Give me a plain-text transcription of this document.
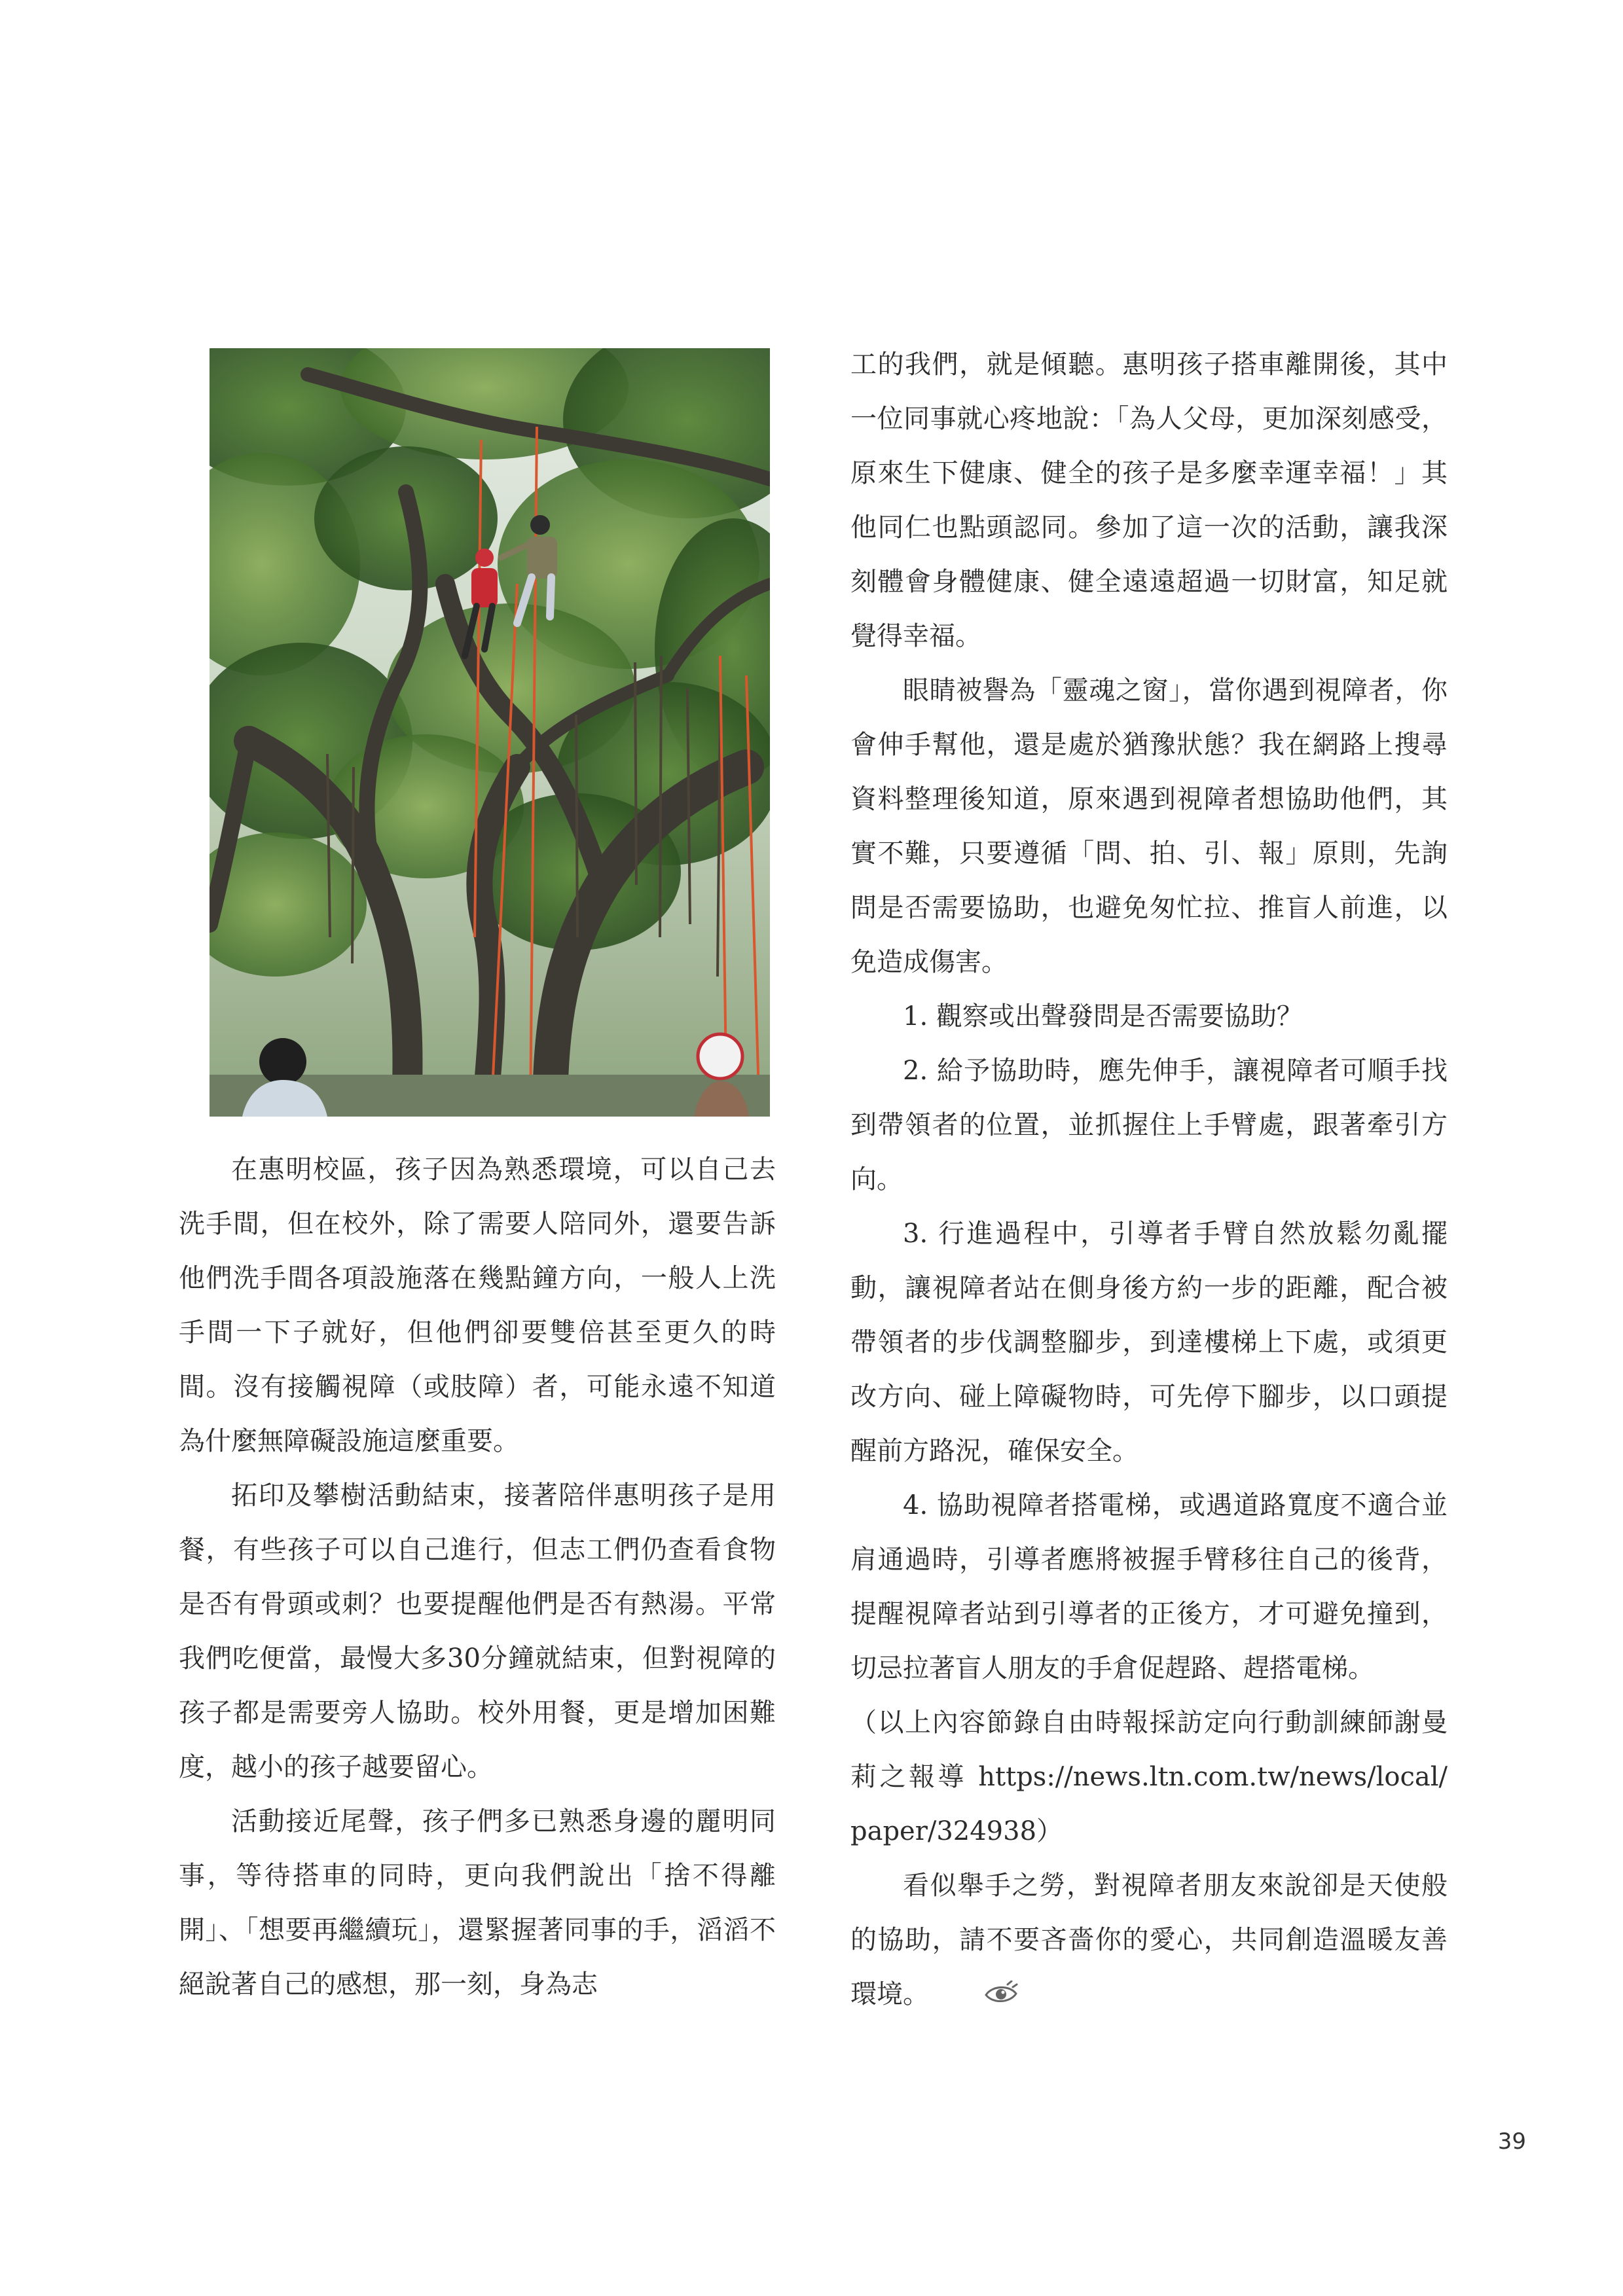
在惠明校區，孩子因為熟悉環境，可以自己去洗手間，但在校外，除了需要人陪同外，還要告訴他們洗手間各項設施落在幾點鐘方向，一般人上洗手間一下子就好，但他們卻要雙倍甚至更久的時間。沒有接觸視障（或肢障）者，可能永遠不知道為什麼無障礙設施這麼重要。

拓印及攀樹活動結束，接著陪伴惠明孩子是用餐，有些孩子可以自己進行，但志工們仍查看食物是否有骨頭或刺？也要提醒他們是否有熱湯。平常我們吃便當，最慢大多30分鐘就結束，但對視障的孩子都是需要旁人協助。校外用餐，更是增加困難度，越小的孩子越要留心。

活動接近尾聲，孩子們多已熟悉身邊的麗明同事，等待搭車的同時，更向我們說出「捨不得離開」、「想要再繼續玩」，還緊握著同事的手，滔滔不絕說著自己的感想，那一刻，身為志

工的我們，就是傾聽。惠明孩子搭車離開後，其中一位同事就心疼地說：「為人父母，更加深刻感受，原來生下健康、健全的孩子是多麼幸運幸福！」其他同仁也點頭認同。參加了這一次的活動，讓我深刻體會身體健康、健全遠遠超過一切財富，知足就覺得幸福。

眼睛被譽為「靈魂之窗」，當你遇到視障者，你會伸手幫他，還是處於猶豫狀態？我在網路上搜尋資料整理後知道，原來遇到視障者想協助他們，其實不難，只要遵循「問、拍、引、報」原則，先詢問是否需要協助，也避免匆忙拉、推盲人前進，以免造成傷害。

1. 觀察或出聲發問是否需要協助？

2. 給予協助時，應先伸手，讓視障者可順手找到帶領者的位置，並抓握住上手臂處，跟著牽引方向。

3. 行進過程中，引導者手臂自然放鬆勿亂擺動，讓視障者站在側身後方約一步的距離，配合被帶領者的步伐調整腳步，到達樓梯上下處，或須更改方向、碰上障礙物時，可先停下腳步，以口頭提醒前方路況，確保安全。

4. 協助視障者搭電梯，或遇道路寬度不適合並肩通過時，引導者應將被握手臂移往自己的後背，提醒視障者站到引導者的正後方，才可避免撞到，切忌拉著盲人朋友的手倉促趕路、趕搭電梯。

（以上內容節錄自由時報採訪定向行動訓練師謝曼莉之報導 https://news.ltn.com.tw/news/local/paper/324938）

看似舉手之勞，對視障者朋友來說卻是天使般的協助，請不要吝嗇你的愛心，共同創造溫暖友善環境。

39
